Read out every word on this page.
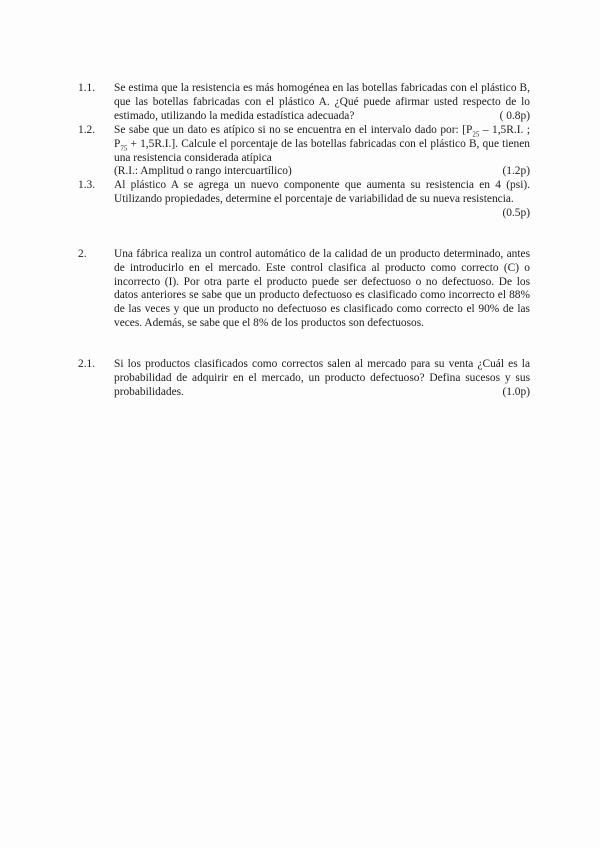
1.1.	Se estima que la resistencia es más homogénea en las botellas fabricadas con el plástico B, que las botellas fabricadas con el plástico A. ¿Qué puede afirmar usted respecto de lo estimado, utilizando la medida estadística adecuada?	( 0.8p)
1.2.	Se sabe que un dato es atípico si no se encuentra en el intervalo dado por: [$P_{25} - 1,5R.I$. ; $P_{75} + 1,5R.I$.]. Calcule el porcentaje de las botellas fabricadas con el plástico B, que tienen una resistencia considerada atípica
(R.I.: Amplitud o rango intercuartílico)	(1.2p)
1.3.	Al plástico A se agrega un nuevo componente que aumenta su resistencia en 4 (psi). Utilizando propiedades, determine el porcentaje de variabilidad de su nueva resistencia.
(0.5p)
2.	Una fábrica realiza un control automático de la calidad de un producto determinado, antes de introducirlo en el mercado. Este control clasifica al producto como correcto (C) o incorrecto (I). Por otra parte el producto puede ser defectuoso o no defectuoso. De los datos anteriores se sabe que un producto defectuoso es clasificado como incorrecto el 88% de las veces y que un producto no defectuoso es clasificado como correcto el 90% de las veces. Además, se sabe que el 8% de los productos son defectuosos.
2.1.	Si los productos clasificados como correctos salen al mercado para su venta ¿Cuál es la probabilidad de adquirir en el mercado, un producto defectuoso? Defina sucesos y sus probabilidades.	(1.0p)
